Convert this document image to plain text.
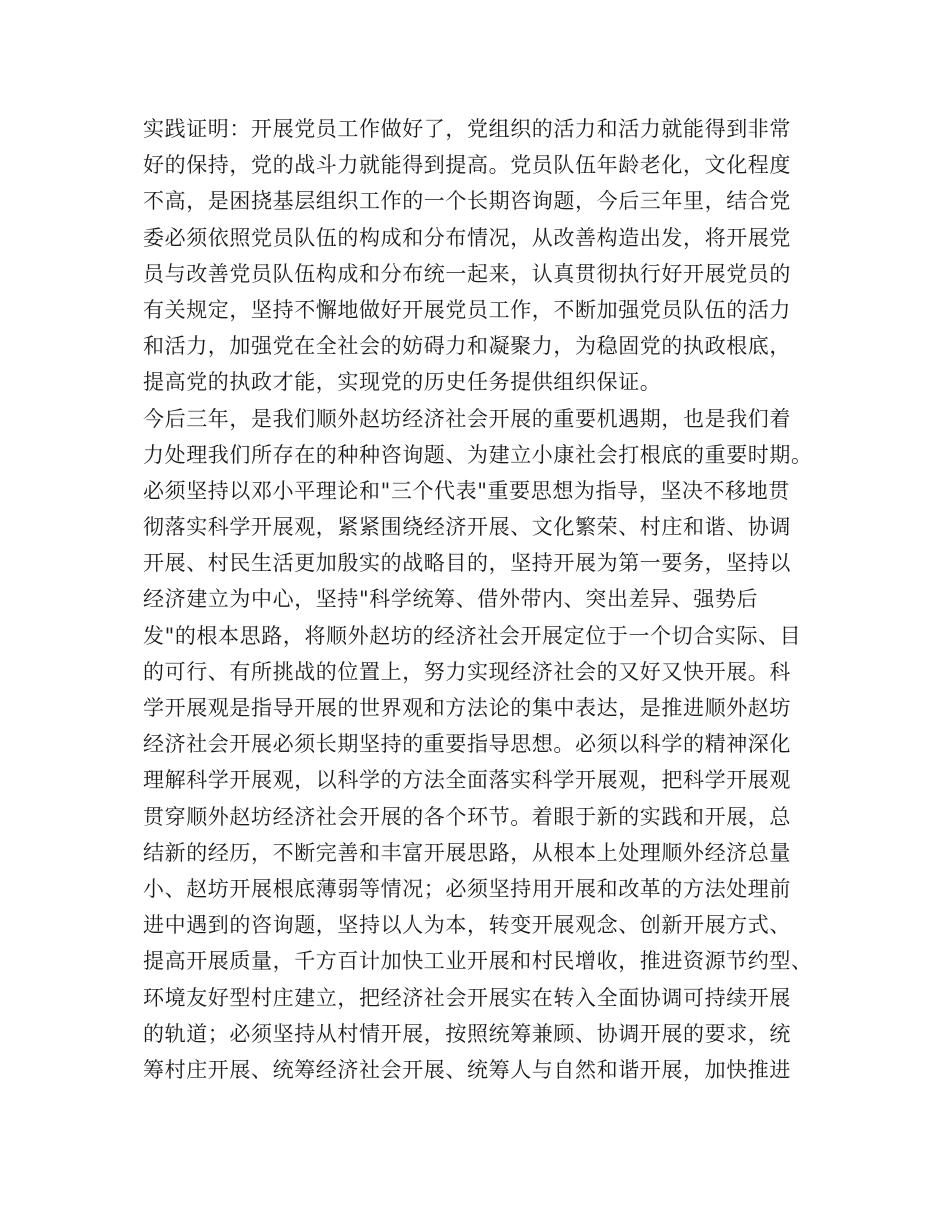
实践证明：开展党员工作做好了，党组织的活力和活力就能得到非常
好的保持，党的战斗力就能得到提高。党员队伍年龄老化，文化程度
不高，是困挠基层组织工作的一个长期咨询题，今后三年里，结合党
委必须依照党员队伍的构成和分布情况，从改善构造出发，将开展党
员与改善党员队伍构成和分布统一起来，认真贯彻执行好开展党员的
有关规定，坚持不懈地做好开展党员工作，不断加强党员队伍的活力
和活力，加强党在全社会的妨碍力和凝聚力，为稳固党的执政根底，
提高党的执政才能，实现党的历史任务提供组织保证。
今后三年，是我们顺外赵坊经济社会开展的重要机遇期，也是我们着
力处理我们所存在的种种咨询题、为建立小康社会打根底的重要时期。
必须坚持以邓小平理论和"三个代表"重要思想为指导，坚决不移地贯
彻落实科学开展观，紧紧围绕经济开展、文化繁荣、村庄和谐、协调
开展、村民生活更加殷实的战略目的，坚持开展为第一要务，坚持以
经济建立为中心，坚持"科学统筹、借外带内、突出差异、强势后
发"的根本思路，将顺外赵坊的经济社会开展定位于一个切合实际、目
的可行、有所挑战的位置上，努力实现经济社会的又好又快开展。科
学开展观是指导开展的世界观和方法论的集中表达，是推进顺外赵坊
经济社会开展必须长期坚持的重要指导思想。必须以科学的精神深化
理解科学开展观，以科学的方法全面落实科学开展观，把科学开展观
贯穿顺外赵坊经济社会开展的各个环节。着眼于新的实践和开展，总
结新的经历，不断完善和丰富开展思路，从根本上处理顺外经济总量
小、赵坊开展根底薄弱等情况；必须坚持用开展和改革的方法处理前
进中遇到的咨询题，坚持以人为本，转变开展观念、创新开展方式、
提高开展质量，千方百计加快工业开展和村民增收，推进资源节约型、
环境友好型村庄建立，把经济社会开展实在转入全面协调可持续开展
的轨道；必须坚持从村情开展，按照统筹兼顾、协调开展的要求，统
筹村庄开展、统筹经济社会开展、统筹人与自然和谐开展，加快推进
